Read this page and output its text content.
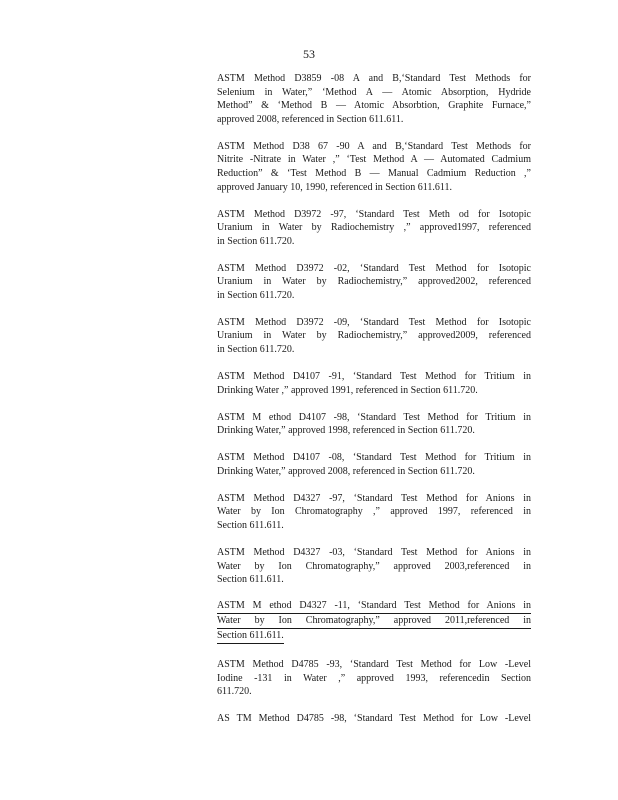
53
ASTM Method D3859 -08 A and B,‘Standard Test Methods for
Selenium in Water,” ‘Method A — Atomic Absorption, Hydride
Method” & ‘Method B — Atomic Absorbtion, Graphite Furnace,”
approved 2008, referenced in Section 611.611.
ASTM Method D38 67 -90 A and B,‘Standard Test Methods for
Nitrite -Nitrate in Water ,” ‘Test Method A — Automated Cadmium
Reduction” & ‘Test Method B — Manual Cadmium Reduction ,”
approved January 10, 1990, referenced in Section 611.611.
ASTM Method D3972 -97, ‘Standard Test Meth od for Isotopic
Uranium in Water by Radiochemistry ,” approved1997, referenced
in Section 611.720.
ASTM Method D3972 -02, ‘Standard Test Method for Isotopic
Uranium in Water by Radiochemistry,” approved2002, referenced
in Section 611.720.
ASTM Method D3972 -09, ‘Standard Test Method for Isotopic
Uranium in Water by Radiochemistry,” approved2009, referenced
in Section 611.720.
ASTM Method D4107 -91, ‘Standard Test Method for Tritium in
Drinking Water ,” approved 1991, referenced in Section 611.720.
ASTM M ethod D4107 -98, ‘Standard Test Method for Tritium in
Drinking Water,” approved 1998, referenced in Section 611.720.
ASTM Method D4107 -08, ‘Standard Test Method for Tritium in
Drinking Water,” approved 2008, referenced in Section 611.720.
ASTM Method D4327 -97, ‘Standard Test Method for Anions in
Water by Ion Chromatography ,” approved 1997, referenced in
Section 611.611.
ASTM Method D4327 -03, ‘Standard Test Method for Anions in
Water by Ion Chromatography,” approved 2003,referenced in
Section 611.611.
ASTM M ethod D4327 -11, ‘Standard Test Method for Anions in
Water by Ion Chromatography,” approved 2011,referenced in
Section 611.611.
ASTM Method D4785 -93, ‘Standard Test Method for Low -Level
Iodine -131 in Water ,” approved 1993, referencedin Section
611.720.
AS TM Method D4785 -98, ‘Standard Test Method for Low -Level
